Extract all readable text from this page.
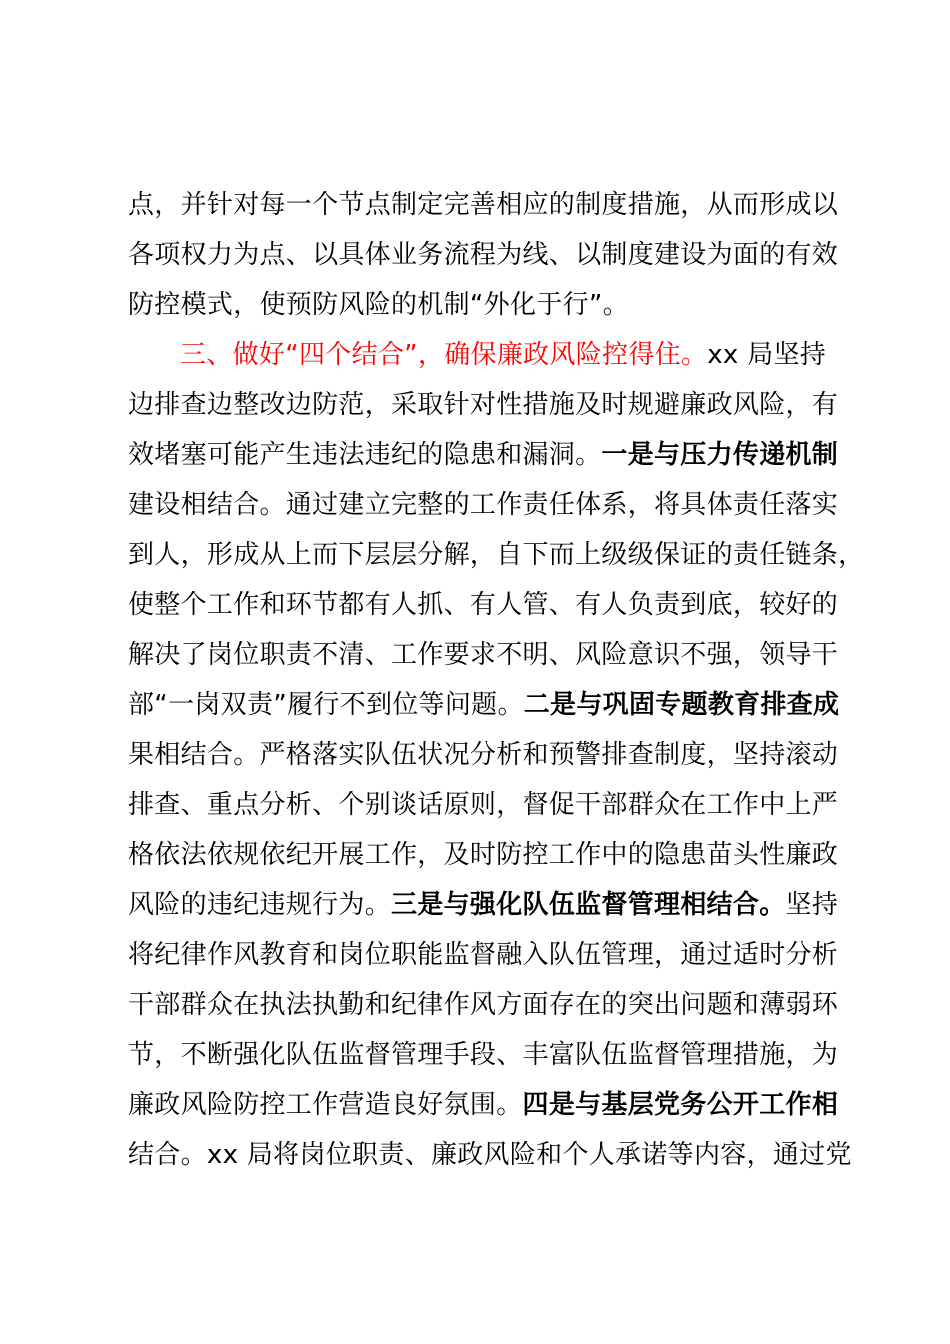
点，并针对每一个节点制定完善相应的制度措施，从而形成以
各项权力为点、以具体业务流程为线、以制度建设为面的有效
防控模式，使预防风险的机制“外化于行”。
三、做好“四个结合”，确保廉政风险控得住。xx 局坚持
边排查边整改边防范，采取针对性措施及时规避廉政风险，有
效堵塞可能产生违法违纪的隐患和漏洞。一是与压力传递机制
建设相结合。通过建立完整的工作责任体系，将具体责任落实
到人，形成从上而下层层分解，自下而上级级保证的责任链条，
使整个工作和环节都有人抓、有人管、有人负责到底，较好的
解决了岗位职责不清、工作要求不明、风险意识不强，领导干
部“一岗双责”履行不到位等问题。二是与巩固专题教育排查成
果相结合。严格落实队伍状况分析和预警排查制度，坚持滚动
排查、重点分析、个别谈话原则，督促干部群众在工作中上严
格依法依规依纪开展工作，及时防控工作中的隐患苗头性廉政
风险的违纪违规行为。三是与强化队伍监督管理相结合。坚持
将纪律作风教育和岗位职能监督融入队伍管理，通过适时分析
干部群众在执法执勤和纪律作风方面存在的突出问题和薄弱环
节，不断强化队伍监督管理手段、丰富队伍监督管理措施，为
廉政风险防控工作营造良好氛围。四是与基层党务公开工作相
结合。xx 局将岗位职责、廉政风险和个人承诺等内容，通过党
